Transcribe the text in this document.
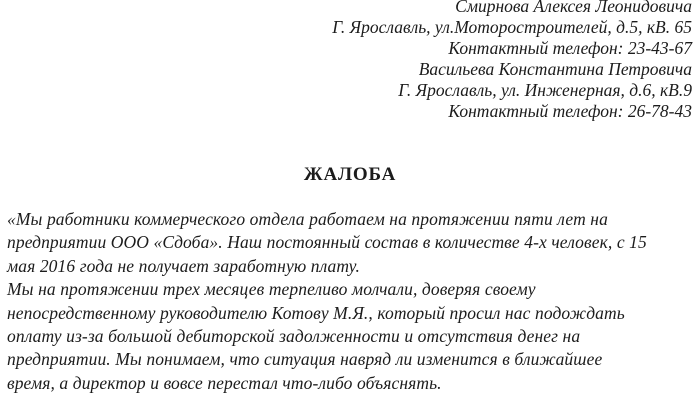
Смирнова Алексея Леонидовича
Г. Ярославль, ул.Моторостроителей, д.5, кВ. 65
Контактный телефон: 23-43-67
Васильева Константина Петровича
Г. Ярославль, ул. Инженерная, д.6, кВ.9
Контактный телефон: 26-78-43
ЖАЛОБА
«Мы работники коммерческого отдела работаем на протяжении пяти лет на
предприятии ООО «Сдоба». Наш постоянный состав в количестве 4-х человек, с 15
мая 2016 года не получает заработную плату.
Мы на протяжении трех месяцев терпеливо молчали, доверяя своему
непосредственному руководителю Котову М.Я., который просил нас подождать
оплату из-за большой дебиторской задолженности и отсутствия денег на
предприятии. Мы понимаем, что ситуация навряд ли изменится в ближайшее
время, а директор и вовсе перестал что-либо объяснять.
